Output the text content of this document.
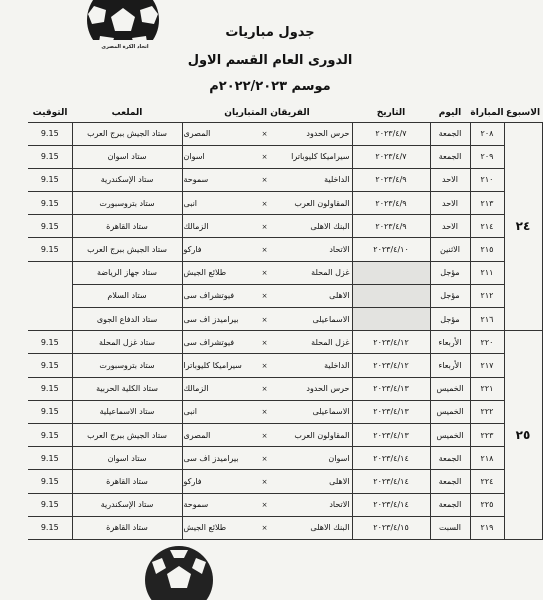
اتحاد الكرة المصرى
جدول مباريات
الدورى العام القسم الاول
موسم ٢٠٢٢/٢٠٢٣م
الاسبوع	المباراة	اليوم	التاريخ	الفريقان المتباريان	الملعب	التوقيت
٢٤	٢٠٨	الجمعة	٢٠٢٣/٤/٧	حرس الحدود×المصرى	ستاد الجيش ببرج العرب	9.15
	٢٠٩	الجمعة	٢٠٢٣/٤/٧	سيراميكا كليوباترا×اسوان	ستاد اسوان	9.15
	٢١٠	الاحد	٢٠٢٣/٤/٩	الداخلية×سموحة	ستاد الإسكندرية	9.15
	٢١٣	الاحد	٢٠٢٣/٤/٩	المقاولون العرب×انبى	ستاد بتروسبورت	9.15
	٢١٤	الاحد	٢٠٢٣/٤/٩	البنك الاهلى×الزمالك	ستاد القاهرة	9.15
	٢١٥	الاثنين	٢٠٢٣/٤/١٠	الاتحاد×فاركو	ستاد الجيش ببرج العرب	9.15
	٢١١	مؤجل		غزل المحلة×طلائع الجيش	ستاد جهاز الرياضة	
	٢١٢	مؤجل		الاهلى×فيوتشراف سى	ستاد السلام	
	٢١٦	مؤجل		الاسماعيلى×بيراميدز اف سى	ستاد الدفاع الجوى	
٢٥	٢٢٠	الأربعاء	٢٠٢٣/٤/١٢	غزل المحلة×فيوتشراف سى	ستاد غزل المحلة	9.15
	٢١٧	الأربعاء	٢٠٢٣/٤/١٢	الداخلية×سيراميكا كليوباترا	ستاد بتروسبورت	9.15
	٢٢١	الخميس	٢٠٢٣/٤/١٣	حرس الحدود×الزمالك	ستاد الكلية الحربية	9.15
	٢٢٢	الخميس	٢٠٢٣/٤/١٣	الاسماعيلى×انبى	ستاد الاسماعيلية	9.15
	٢٢٣	الخميس	٢٠٢٣/٤/١٣	المقاولون العرب×المصرى	ستاد الجيش ببرج العرب	9.15
	٢١٨	الجمعة	٢٠٢٣/٤/١٤	اسوان×بيراميدز اف سى	ستاد اسوان	9.15
	٢٢٤	الجمعة	٢٠٢٣/٤/١٤	الاهلى×فاركو	ستاد القاهرة	9.15
	٢٢٥	الجمعة	٢٠٢٣/٤/١٤	الاتحاد×سموحة	ستاد الإسكندرية	9.15
	٢١٩	السبت	٢٠٢٣/٤/١٥	البنك الاهلى×طلائع الجيش	ستاد القاهرة	9.15
